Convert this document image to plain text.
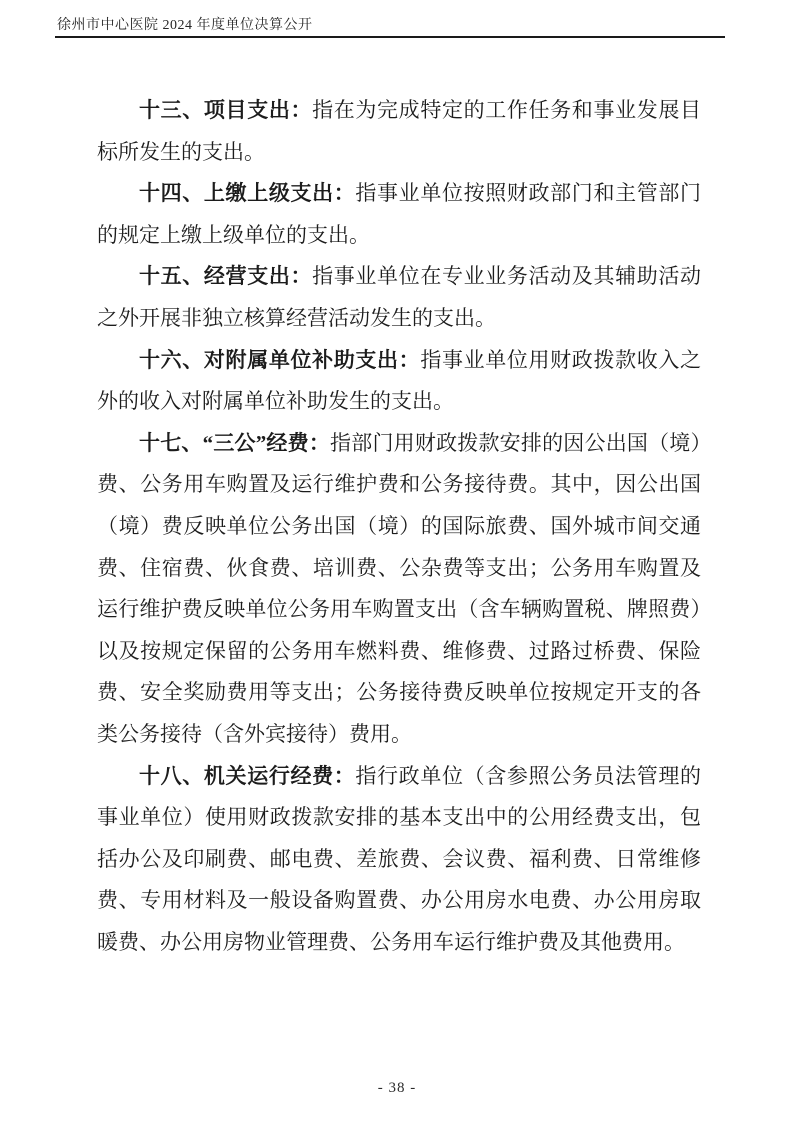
徐州市中心医院 2024 年度单位决算公开

十三、项目支出：指在为完成特定的工作任务和事业发展目标所发生的支出。

十四、上缴上级支出：指事业单位按照财政部门和主管部门的规定上缴上级单位的支出。

十五、经营支出：指事业单位在专业业务活动及其辅助活动之外开展非独立核算经营活动发生的支出。

十六、对附属单位补助支出：指事业单位用财政拨款收入之外的收入对附属单位补助发生的支出。

十七、“三公”经费：指部门用财政拨款安排的因公出国（境）费、公务用车购置及运行维护费和公务接待费。其中，因公出国（境）费反映单位公务出国（境）的国际旅费、国外城市间交通费、住宿费、伙食费、培训费、公杂费等支出；公务用车购置及运行维护费反映单位公务用车购置支出（含车辆购置税、牌照费）以及按规定保留的公务用车燃料费、维修费、过路过桥费、保险费、安全奖励费用等支出；公务接待费反映单位按规定开支的各类公务接待（含外宾接待）费用。

十八、机关运行经费：指行政单位（含参照公务员法管理的事业单位）使用财政拨款安排的基本支出中的公用经费支出，包括办公及印刷费、邮电费、差旅费、会议费、福利费、日常维修费、专用材料及一般设备购置费、办公用房水电费、办公用房取暖费、办公用房物业管理费、公务用车运行维护费及其他费用。

- 38 -
